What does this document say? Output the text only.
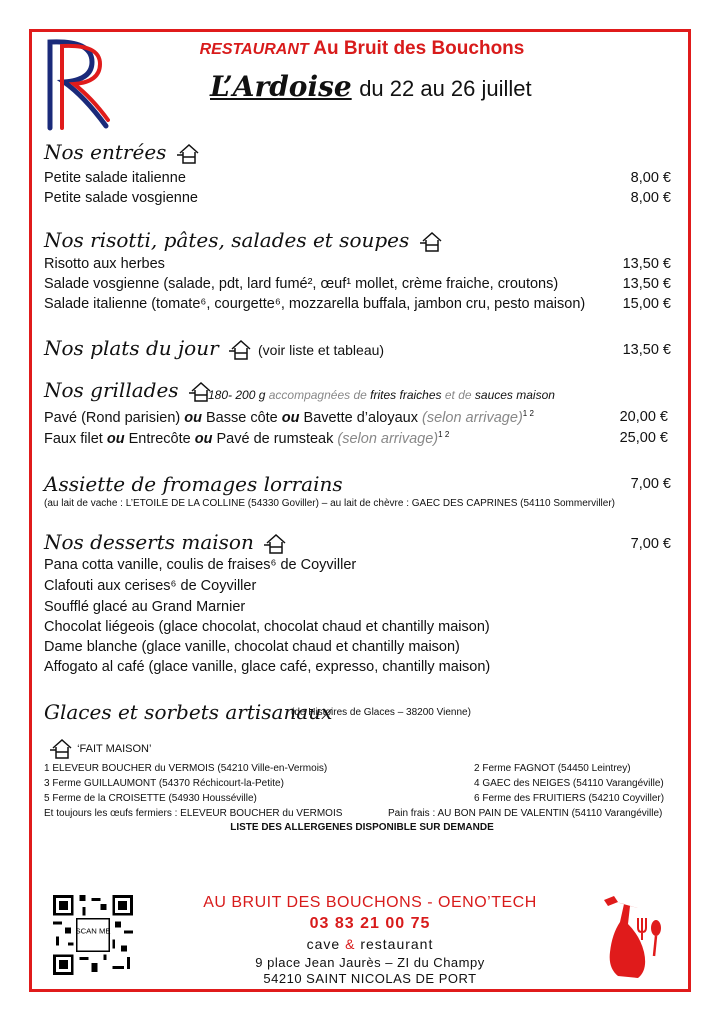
RESTAURANT Au Bruit des Bouchons
L’Ardoise du 22 au 26 juillet
Nos entrées
Petite salade italienne	8,00 €
Petite salade vosgienne	8,00 €
Nos risotti, pâtes, salades et soupes
Risotto aux herbes	13,50 €
Salade vosgienne (salade, pdt, lard fumé², œuf¹ mollet, crème fraiche, croutons)	13,50 €
Salade italienne (tomate⁶, courgette⁶, mozzarella buffala, jambon cru, pesto maison)	15,00 €
Nos plats du jour	(voir liste et tableau)	13,50 €
Nos grillades	180- 200 g accompagnées de frites fraiches et de sauces maison
Pavé (Rond parisien) ou Basse côte ou Bavette d’aloyaux (selon arrivage)$^{1 2}$	20,00 €
Faux filet ou Entrecôte ou Pavé de rumsteak (selon arrivage)$^{1 2}$	25,00 €
Assiette de fromages lorrains	7,00 €
(au lait de vache : L’ETOILE DE LA COLLINE (54330 Goviller) – au lait de chèvre : GAEC DES CAPRINES (54110 Sommerviller)
Nos desserts maison	7,00 €
Pana cotta vanille, coulis de fraises⁶ de Coyviller
Clafouti aux cerises⁶ de Coyviller
Soufflé glacé au Grand Marnier
Chocolat liégeois (glace chocolat, chocolat chaud et chantilly maison)
Dame blanche (glace vanille, chocolat chaud et chantilly maison)
Affogato al café (glace vanille, glace café, expresso, chantilly maison)
Glaces et sorbets artisanaux
(de Histoires de Glaces – 38200 Vienne)
‘FAIT MAISON’
1 ELEVEUR BOUCHER du VERMOIS (54210 Ville-en-Vermois)
3 Ferme GUILLAUMONT (54370 Réchicourt-la-Petite)
5 Ferme de la CROISETTE (54930 Housséville)
Et toujours les œufs fermiers : ELEVEUR BOUCHER du VERMOIS
2 Ferme FAGNOT (54450 Leintrey)
4 GAEC des NEIGES (54110 Varangéville)
6 Ferme des FRUITIERS (54210 Coyviller)
Pain frais : AU BON PAIN DE VALENTIN (54110 Varangéville)
LISTE DES ALLERGENES DISPONIBLE SUR DEMANDE
SCAN ME
AU BRUIT DES BOUCHONS - OENO’TECH
03 83 21 00 75
cave & restaurant
9 place Jean Jaurès – ZI du Champy
54210 SAINT NICOLAS DE PORT
